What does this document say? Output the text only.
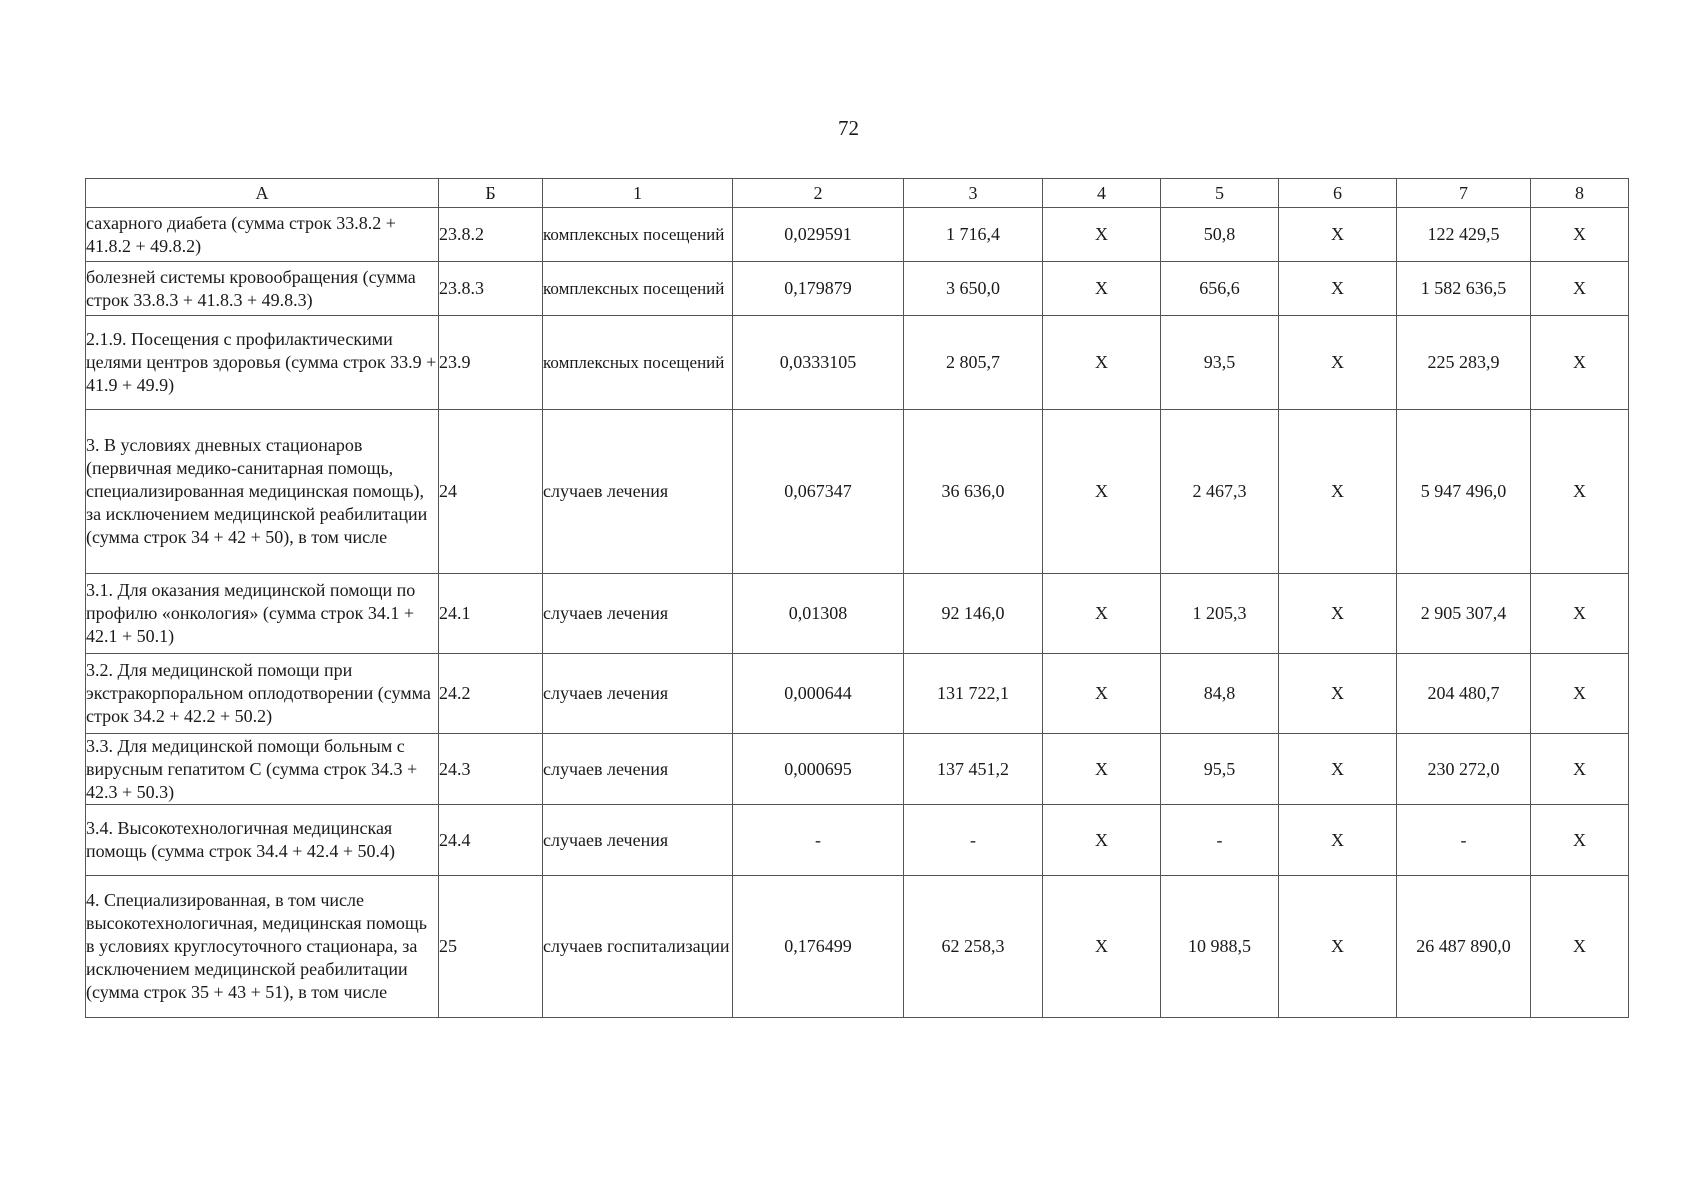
72
А	Б	1	2	3	4	5	6	7	8
сахарного диабета (сумма строк 33.8.2 + 41.8.2 + 49.8.2)	23.8.2	комплексных посещений	0,029591	1 716,4	X	50,8	X	122 429,5	X
болезней системы кровообращения (сумма строк 33.8.3 + 41.8.3 + 49.8.3)	23.8.3	комплексных посещений	0,179879	3 650,0	X	656,6	X	1 582 636,5	X
2.1.9. Посещения с профилактическими целями центров здоровья (сумма строк 33.9 + 41.9 + 49.9)	23.9	комплексных посещений	0,0333105	2 805,7	X	93,5	X	225 283,9	X
3. В условиях дневных стационаров (первичная медико-санитарная помощь, специализированная медицинская помощь), за исключением медицинской реабилитации (сумма строк 34 + 42 + 50), в том числе	24	случаев лечения	0,067347	36 636,0	X	2 467,3	X	5 947 496,0	X
3.1. Для оказания медицинской помощи по профилю «онкология» (сумма строк 34.1 + 42.1 + 50.1)	24.1	случаев лечения	0,01308	92 146,0	X	1 205,3	X	2 905 307,4	X
3.2. Для медицинской помощи при экстракорпоральном оплодотворении (сумма строк 34.2 + 42.2 + 50.2)	24.2	случаев лечения	0,000644	131 722,1	X	84,8	X	204 480,7	X
3.3. Для медицинской помощи больным с вирусным гепатитом С (сумма строк 34.3 + 42.3 + 50.3)	24.3	случаев лечения	0,000695	137 451,2	X	95,5	X	230 272,0	X
3.4. Высокотехнологичная медицинская помощь (сумма строк 34.4 + 42.4 + 50.4)	24.4	случаев лечения	-	-	X	-	X	-	X
4. Специализированная, в том числе высокотехнологичная, медицинская помощь в условиях круглосуточного стационара, за исключением медицинской реабилитации (сумма строк 35 + 43 + 51), в том числе	25	случаев госпитализации	0,176499	62 258,3	X	10 988,5	X	26 487 890,0	X
